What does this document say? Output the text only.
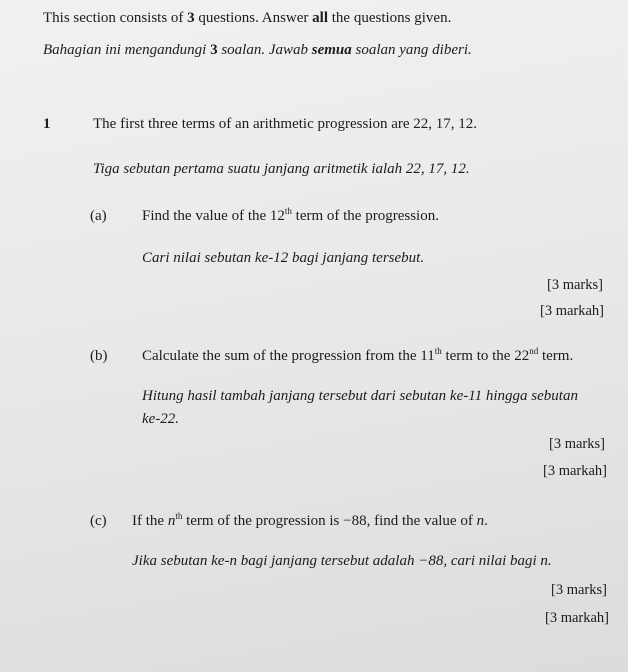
This section consists of 3 questions. Answer all the questions given.
Bahagian ini mengandungi 3 soalan. Jawab semua soalan yang diberi.
1	The first three terms of an arithmetic progression are 22, 17, 12.
Tiga sebutan pertama suatu janjang aritmetik ialah 22, 17, 12.
(a) Find the value of the 12th term of the progression.
Cari nilai sebutan ke-12 bagi janjang tersebut.
[3 marks]
[3 markah]
(b) Calculate the sum of the progression from the 11th term to the 22nd term.
Hitung hasil tambah janjang tersebut dari sebutan ke-11 hingga sebutan
ke-22.
[3 marks]
[3 markah]
(c) If the $n^{th}$ term of the progression is −88, find the value of n.
Jika sebutan ke-n bagi janjang tersebut adalah −88, cari nilai bagi n.
[3 marks]
[3 markah]
